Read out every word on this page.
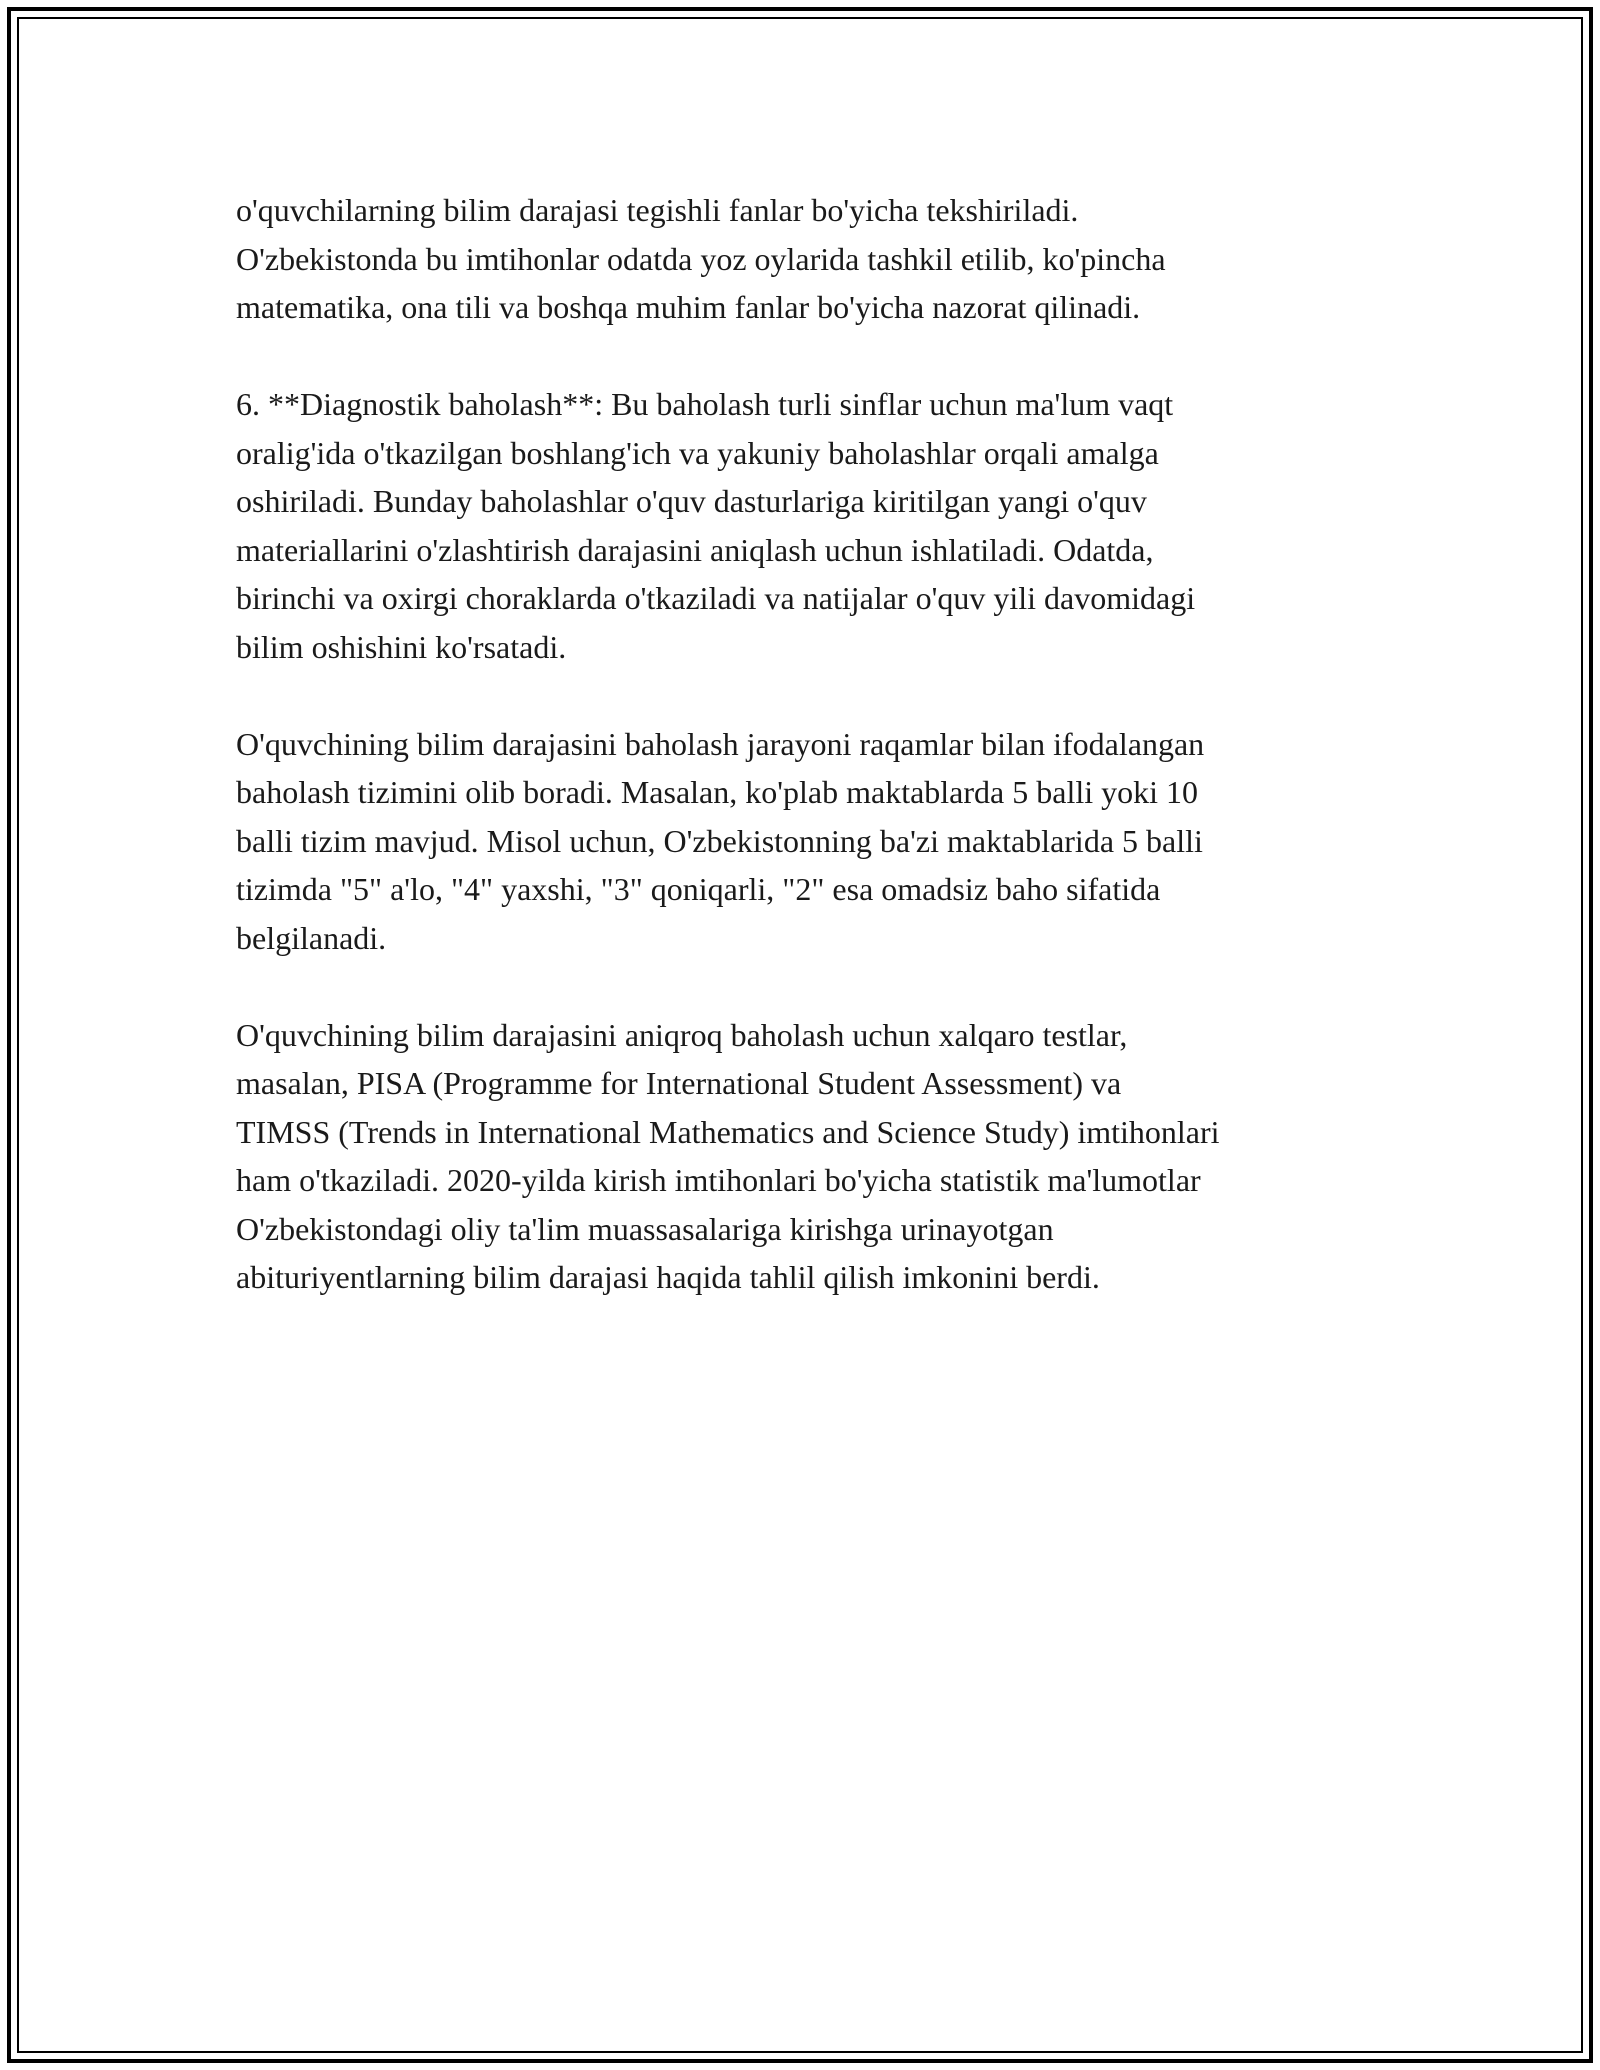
o'quvchilarning bilim darajasi tegishli fanlar bo'yicha tekshiriladi.
O'zbekistonda bu imtihonlar odatda yoz oylarida tashkil etilib, ko'pincha
matematika, ona tili va boshqa muhim fanlar bo'yicha nazorat qilinadi.

6. **Diagnostik baholash**: Bu baholash turli sinflar uchun ma'lum vaqt
oralig'ida o'tkazilgan boshlang'ich va yakuniy baholashlar orqali amalga
oshiriladi. Bunday baholashlar o'quv dasturlariga kiritilgan yangi o'quv
materiallarini o'zlashtirish darajasini aniqlash uchun ishlatiladi. Odatda,
birinchi va oxirgi choraklarda o'tkaziladi va natijalar o'quv yili davomidagi
bilim oshishini ko'rsatadi.

O'quvchining bilim darajasini baholash jarayoni raqamlar bilan ifodalangan
baholash tizimini olib boradi. Masalan, ko'plab maktablarda 5 balli yoki 10
balli tizim mavjud. Misol uchun, O'zbekistonning ba'zi maktablarida 5 balli
tizimda "5" a'lo, "4" yaxshi, "3" qoniqarli, "2" esa omadsiz baho sifatida
belgilanadi.

O'quvchining bilim darajasini aniqroq baholash uchun xalqaro testlar,
masalan, PISA (Programme for International Student Assessment) va
TIMSS (Trends in International Mathematics and Science Study) imtihonlari
ham o'tkaziladi. 2020-yilda kirish imtihonlari bo'yicha statistik ma'lumotlar
O'zbekistondagi oliy ta'lim muassasalariga kirishga urinayotgan
abituriyentlarning bilim darajasi haqida tahlil qilish imkonini berdi.
